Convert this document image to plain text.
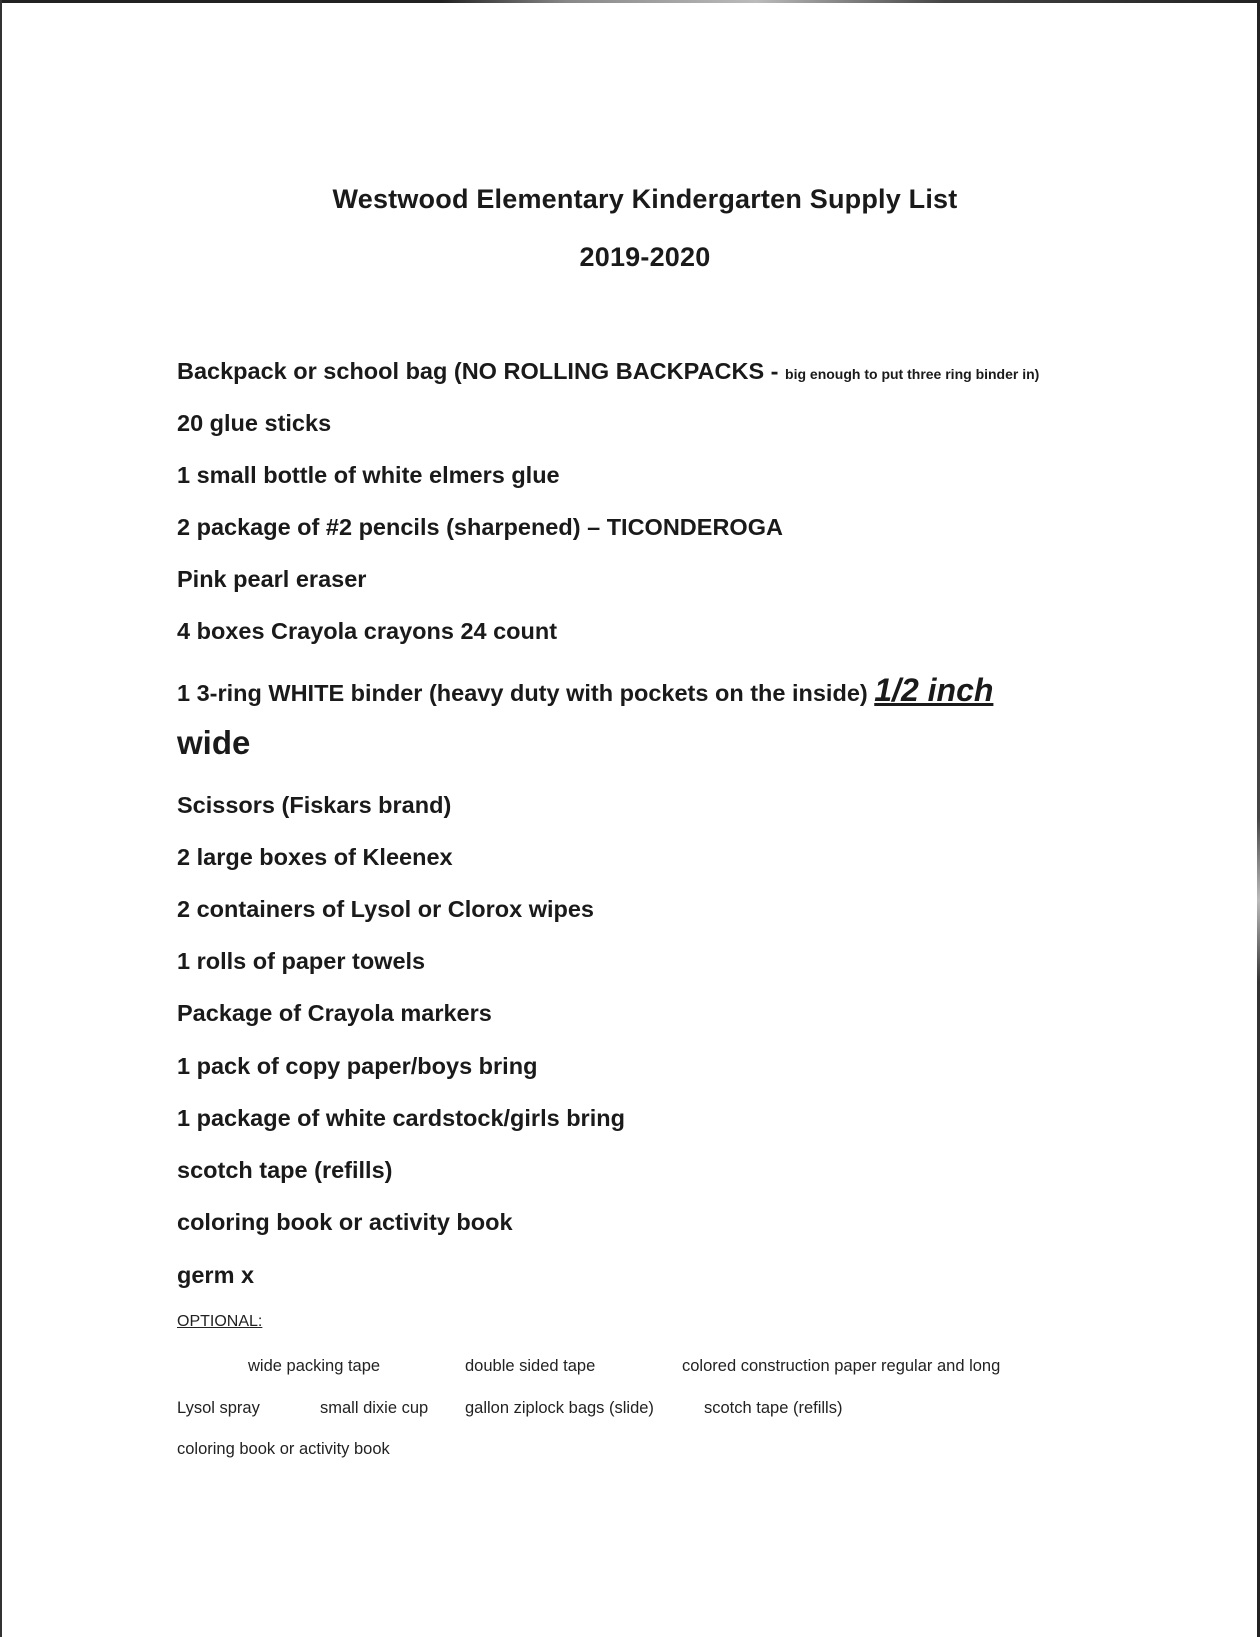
Westwood Elementary Kindergarten Supply List
2019-2020
Backpack or school bag (NO ROLLING BACKPACKS - big enough to put three ring binder in)
20 glue sticks
1 small bottle of white elmers glue
2 package of #2 pencils (sharpened) – TICONDEROGA
Pink pearl eraser
4 boxes Crayola crayons 24 count
1 3-ring WHITE binder (heavy duty with pockets on the inside) 1/2 inch
wide
Scissors (Fiskars brand)
2 large boxes of Kleenex
2 containers of Lysol or Clorox wipes
1 rolls of paper towels
Package of Crayola markers
1 pack of copy paper/boys bring
1 package of white cardstock/girls bring
scotch tape (refills)
coloring book or activity book
germ x
OPTIONAL:
wide packing tape	double sided tape	colored construction paper regular and long
Lysol spray	small dixie cup gallon ziplock bags (slide)	scotch tape (refills)
coloring book or activity book
